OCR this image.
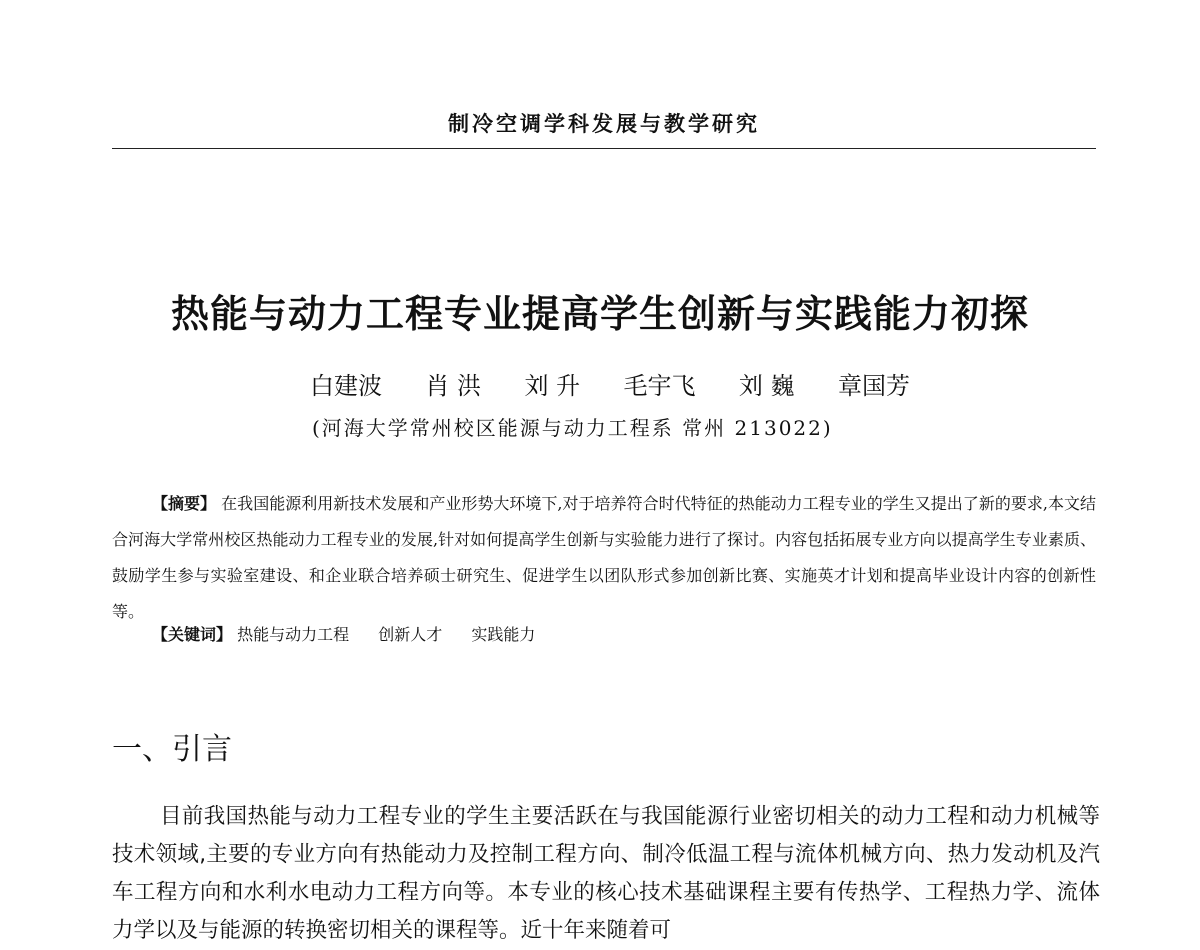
制冷空调学科发展与教学研究
热能与动力工程专业提高学生创新与实践能力初探
白建波 肖 洪 刘 升 毛宇飞 刘 巍 章国芳
(河海大学常州校区能源与动力工程系 常州 213022)

【摘要】 在我国能源利用新技术发展和产业形势大环境下,对于培养符合时代特征的热能动力工程专业的学生又提出了新的要求,本文结合河海大学常州校区热能动力工程专业的发展,针对如何提高学生创新与实验能力进行了探讨。内容包括拓展专业方向以提高学生专业素质、鼓励学生参与实验室建设、和企业联合培养硕士研究生、促进学生以团队形式参加创新比赛、实施英才计划和提高毕业设计内容的创新性等。

【关键词】 热能与动力工程 创新人才 实践能力
一、引言

目前我国热能与动力工程专业的学生主要活跃在与我国能源行业密切相关的动力工程和动力机械等技术领域,主要的专业方向有热能动力及控制工程方向、制冷低温工程与流体机械方向、热力发动机及汽车工程方向和水利水电动力工程方向等。本专业的核心技术基础课程主要有传热学、工程热力学、流体力学以及与能源的转换密切相关的课程等。近十年来随着可
